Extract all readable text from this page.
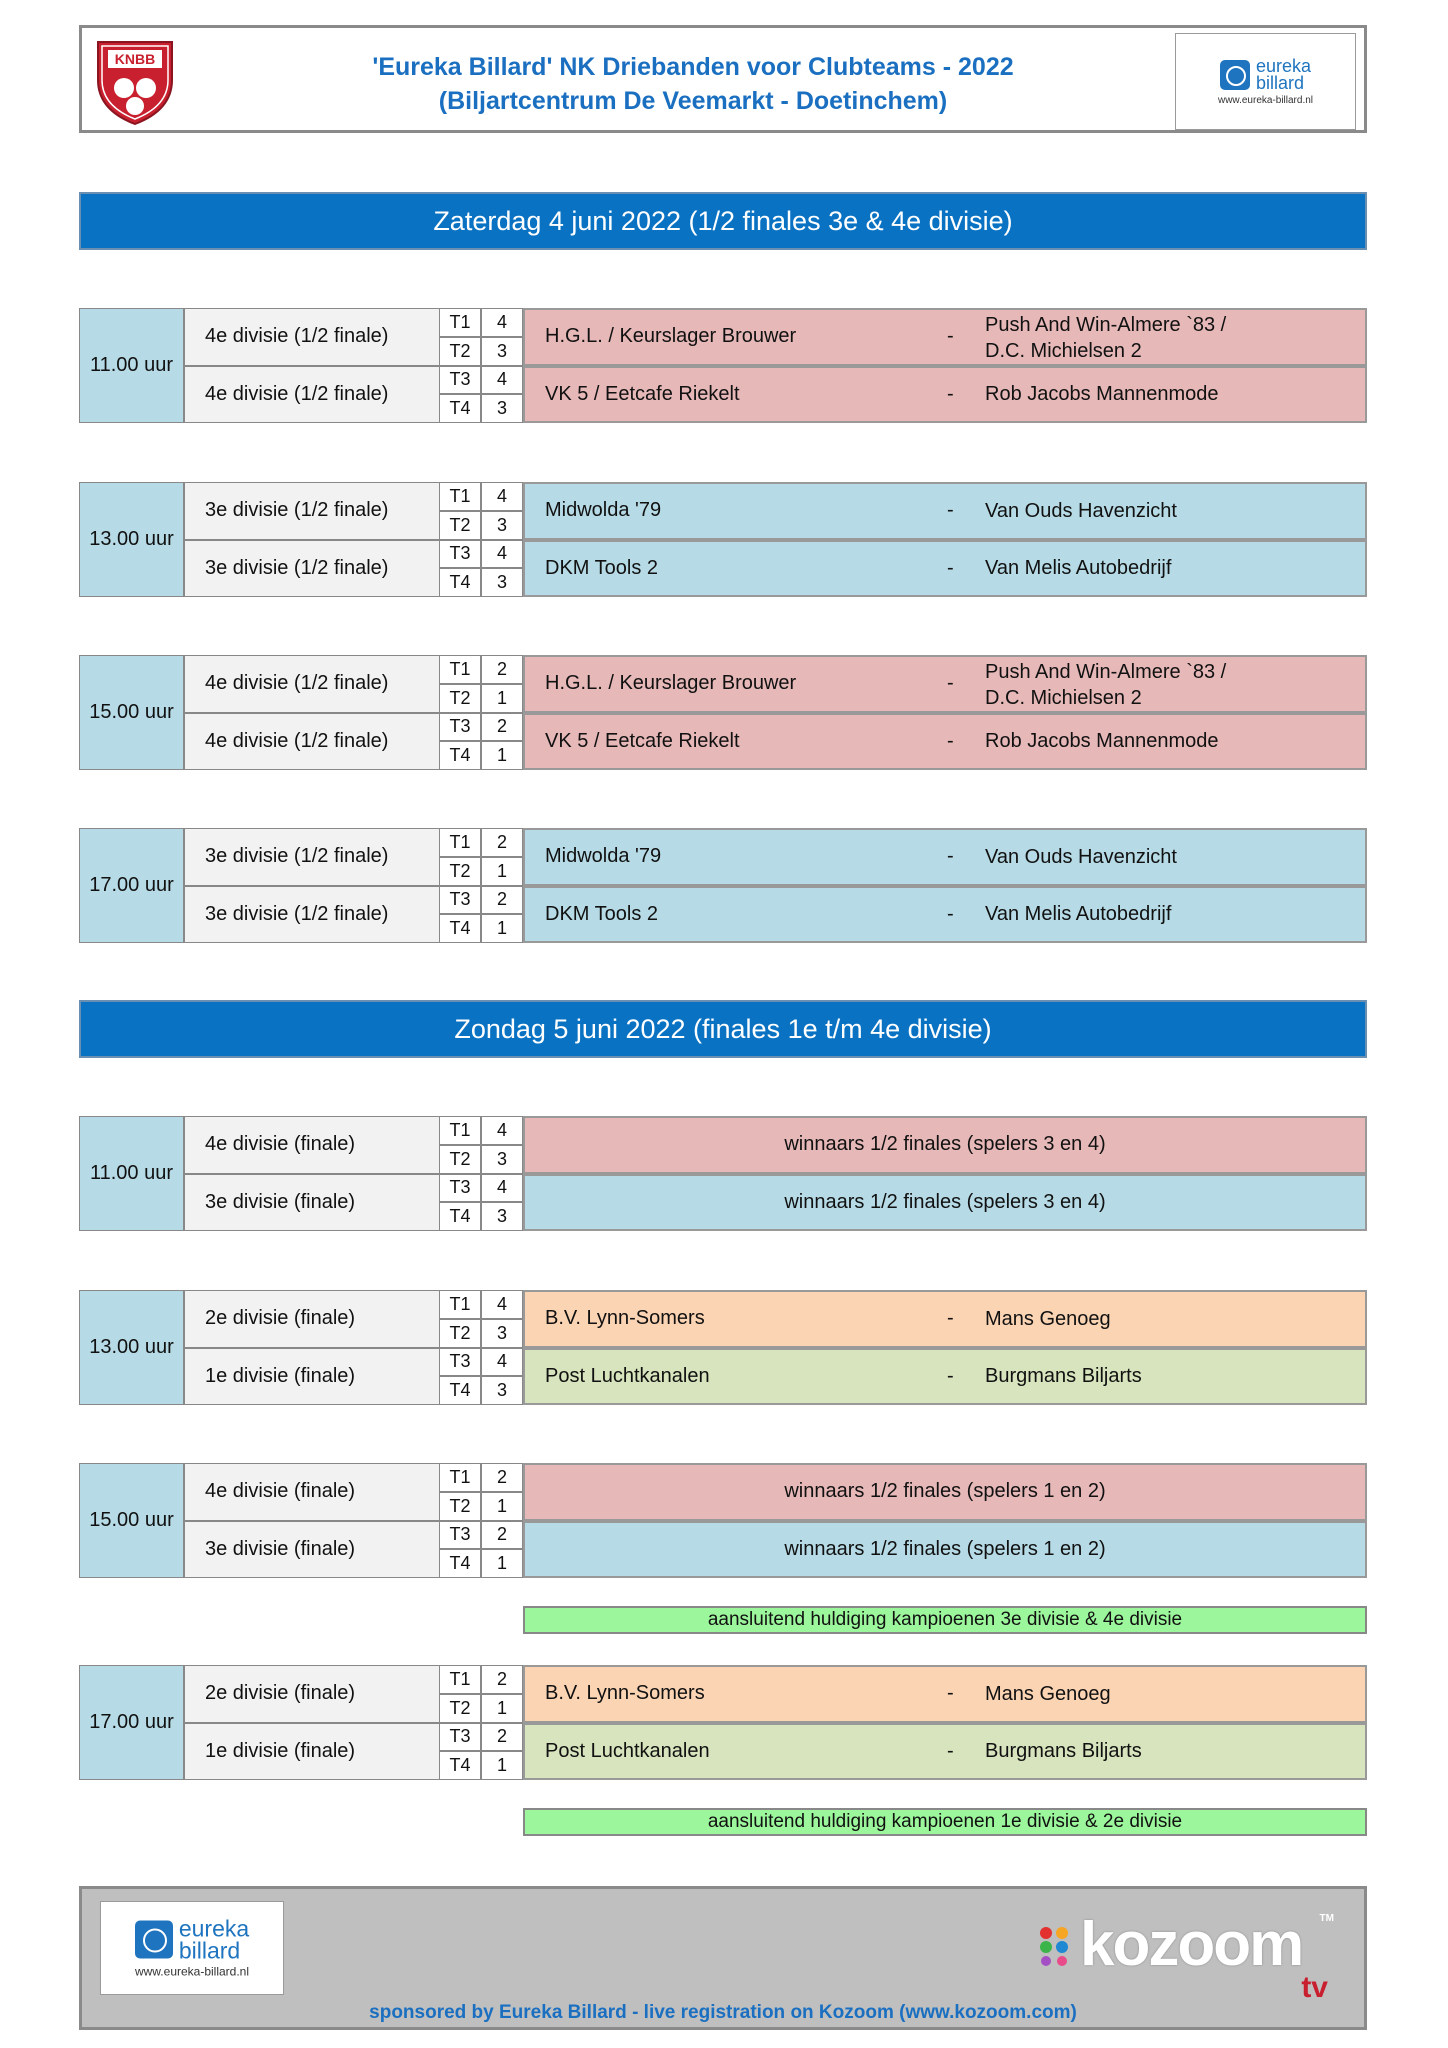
KNBB	'Eureka Billard' NK Driebanden voor Clubteams - 2022
(Biljartcentrum De Veemarkt - Doetinchem)
eureka
billard
www.eureka-billard.nl
Zaterdag 4 juni 2022 (1/2 finales 3e & 4e divisie)
11.00 uur
4e divisie (1/2 finale)
T1 4
T2 3
H.G.L. / Keurslager Brouwer	-
Push And Win-Almere `83 /
D.C. Michielsen 2
4e divisie (1/2 finale)
T3 4
T4 3
VK 5 / Eetcafe Riekelt	- Rob Jacobs Mannenmode
13.00 uur
3e divisie (1/2 finale)
T1 4
T2 3
Midwolda '79	- Van Ouds Havenzicht
3e divisie (1/2 finale)
T3 4
T4 3
DKM Tools 2	- Van Melis Autobedrijf
15.00 uur
4e divisie (1/2 finale)
T1 2
T2 1
H.G.L. / Keurslager Brouwer	-
Push And Win-Almere `83 /
D.C. Michielsen 2
4e divisie (1/2 finale)
T3 2
T4 1
VK 5 / Eetcafe Riekelt	- Rob Jacobs Mannenmode
17.00 uur
3e divisie (1/2 finale)
T1 2
T2 1
Midwolda '79	- Van Ouds Havenzicht
3e divisie (1/2 finale)
T3 2
T4 1
DKM Tools 2	- Van Melis Autobedrijf
Zondag 5 juni 2022 (finales 1e t/m 4e divisie)
11.00 uur
4e divisie (finale)
T1 4
T2 3
winnaars 1/2 finales (spelers 3 en 4)
3e divisie (finale)
T3 4
T4 3
winnaars 1/2 finales (spelers 3 en 4)
13.00 uur
2e divisie (finale)
T1 4
T2 3
B.V. Lynn-Somers	- Mans Genoeg
1e divisie (finale)
T3 4
T4 3
Post Luchtkanalen	- Burgmans Biljarts
15.00 uur
4e divisie (finale)
T1 2
T2 1
winnaars 1/2 finales (spelers 1 en 2)
3e divisie (finale)
T3 2
T4 1
winnaars 1/2 finales (spelers 1 en 2)
17.00 uur
2e divisie (finale)
T1 2
T2 1
B.V. Lynn-Somers	- Mans Genoeg
1e divisie (finale)
T3 2
T4 1
Post Luchtkanalen	- Burgmans Biljarts
aansluitend huldiging kampioenen 3e divisie & 4e divisie
aansluitend huldiging kampioenen 1e divisie & 2e divisie
eureka
billard
www.eureka-billard.nl	kozoom TM
tv
sponsored by Eureka Billard - live registration on Kozoom (www.kozoom.com)
